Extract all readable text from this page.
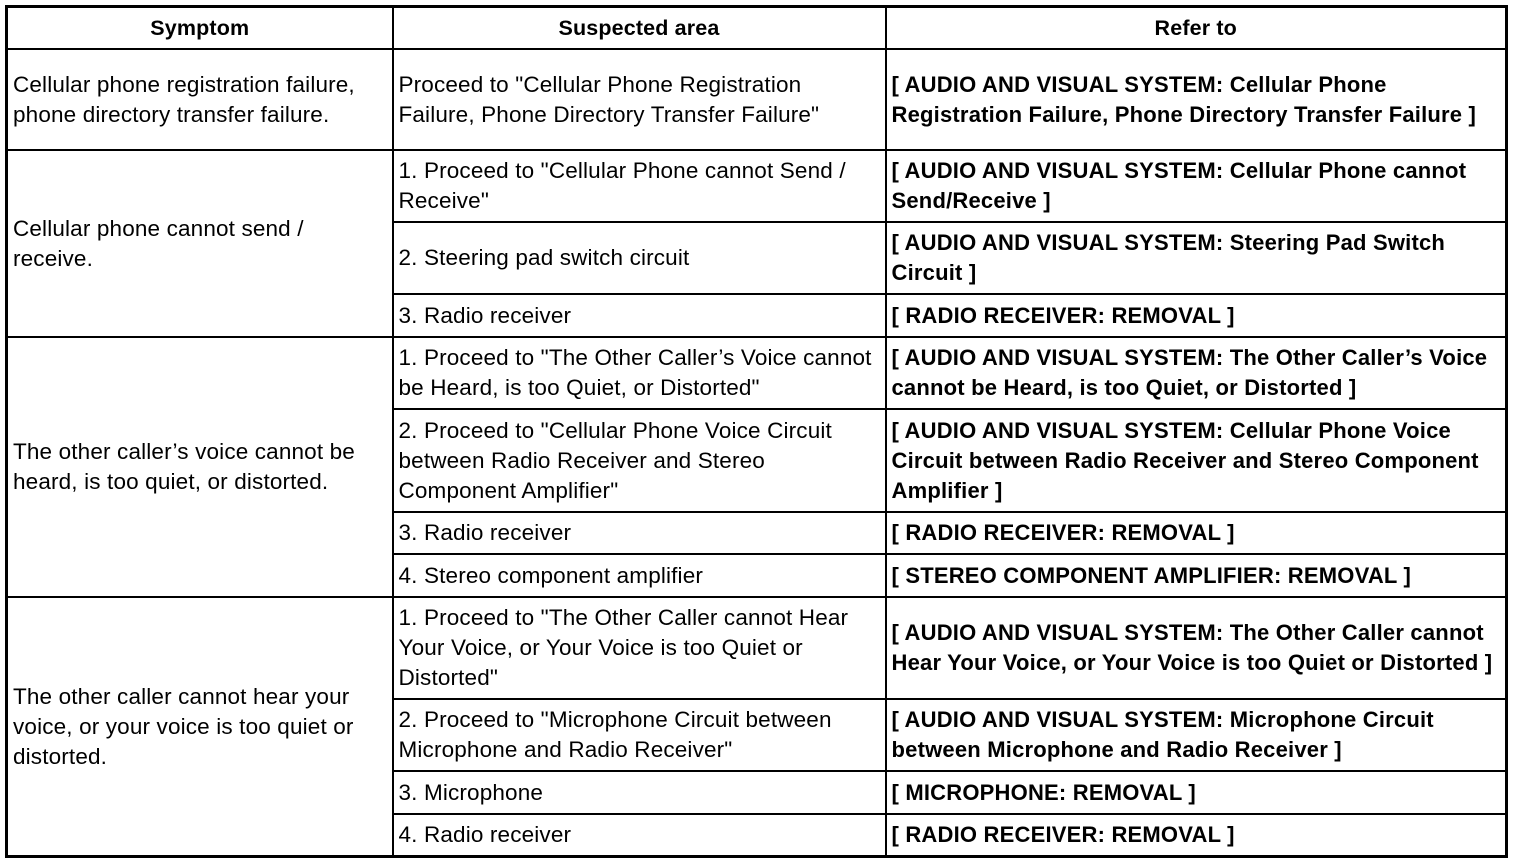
Symptom	Suspected area	Refer to
Cellular phone registration failure, phone directory transfer failure.	Proceed to "Cellular Phone Registration Failure, Phone Directory Transfer Failure"	[ AUDIO AND VISUAL SYSTEM: Cellular Phone Registration Failure, Phone Directory Transfer Failure ]
Cellular phone cannot send / receive.	1. Proceed to "Cellular Phone cannot Send / Receive"	[ AUDIO AND VISUAL SYSTEM: Cellular Phone cannot Send/Receive ]
	2. Steering pad switch circuit	[ AUDIO AND VISUAL SYSTEM: Steering Pad Switch Circuit ]
	3. Radio receiver	[ RADIO RECEIVER: REMOVAL ]
The other caller’s voice cannot be heard, is too quiet, or distorted.	1. Proceed to "The Other Caller’s Voice cannot be Heard, is too Quiet, or Distorted"	[ AUDIO AND VISUAL SYSTEM: The Other Caller’s Voice cannot be Heard, is too Quiet, or Distorted ]
	2. Proceed to "Cellular Phone Voice Circuit between Radio Receiver and Stereo Component Amplifier"	[ AUDIO AND VISUAL SYSTEM: Cellular Phone Voice Circuit between Radio Receiver and Stereo Component Amplifier ]
	3. Radio receiver	[ RADIO RECEIVER: REMOVAL ]
	4. Stereo component amplifier	[ STEREO COMPONENT AMPLIFIER: REMOVAL ]
The other caller cannot hear your voice, or your voice is too quiet or distorted.	1. Proceed to "The Other Caller cannot Hear Your Voice, or Your Voice is too Quiet or Distorted"	[ AUDIO AND VISUAL SYSTEM: The Other Caller cannot Hear Your Voice, or Your Voice is too Quiet or Distorted ]
	2. Proceed to "Microphone Circuit between Microphone and Radio Receiver"	[ AUDIO AND VISUAL SYSTEM: Microphone Circuit between Microphone and Radio Receiver ]
	3. Microphone	[ MICROPHONE: REMOVAL ]
	4. Radio receiver	[ RADIO RECEIVER: REMOVAL ]
